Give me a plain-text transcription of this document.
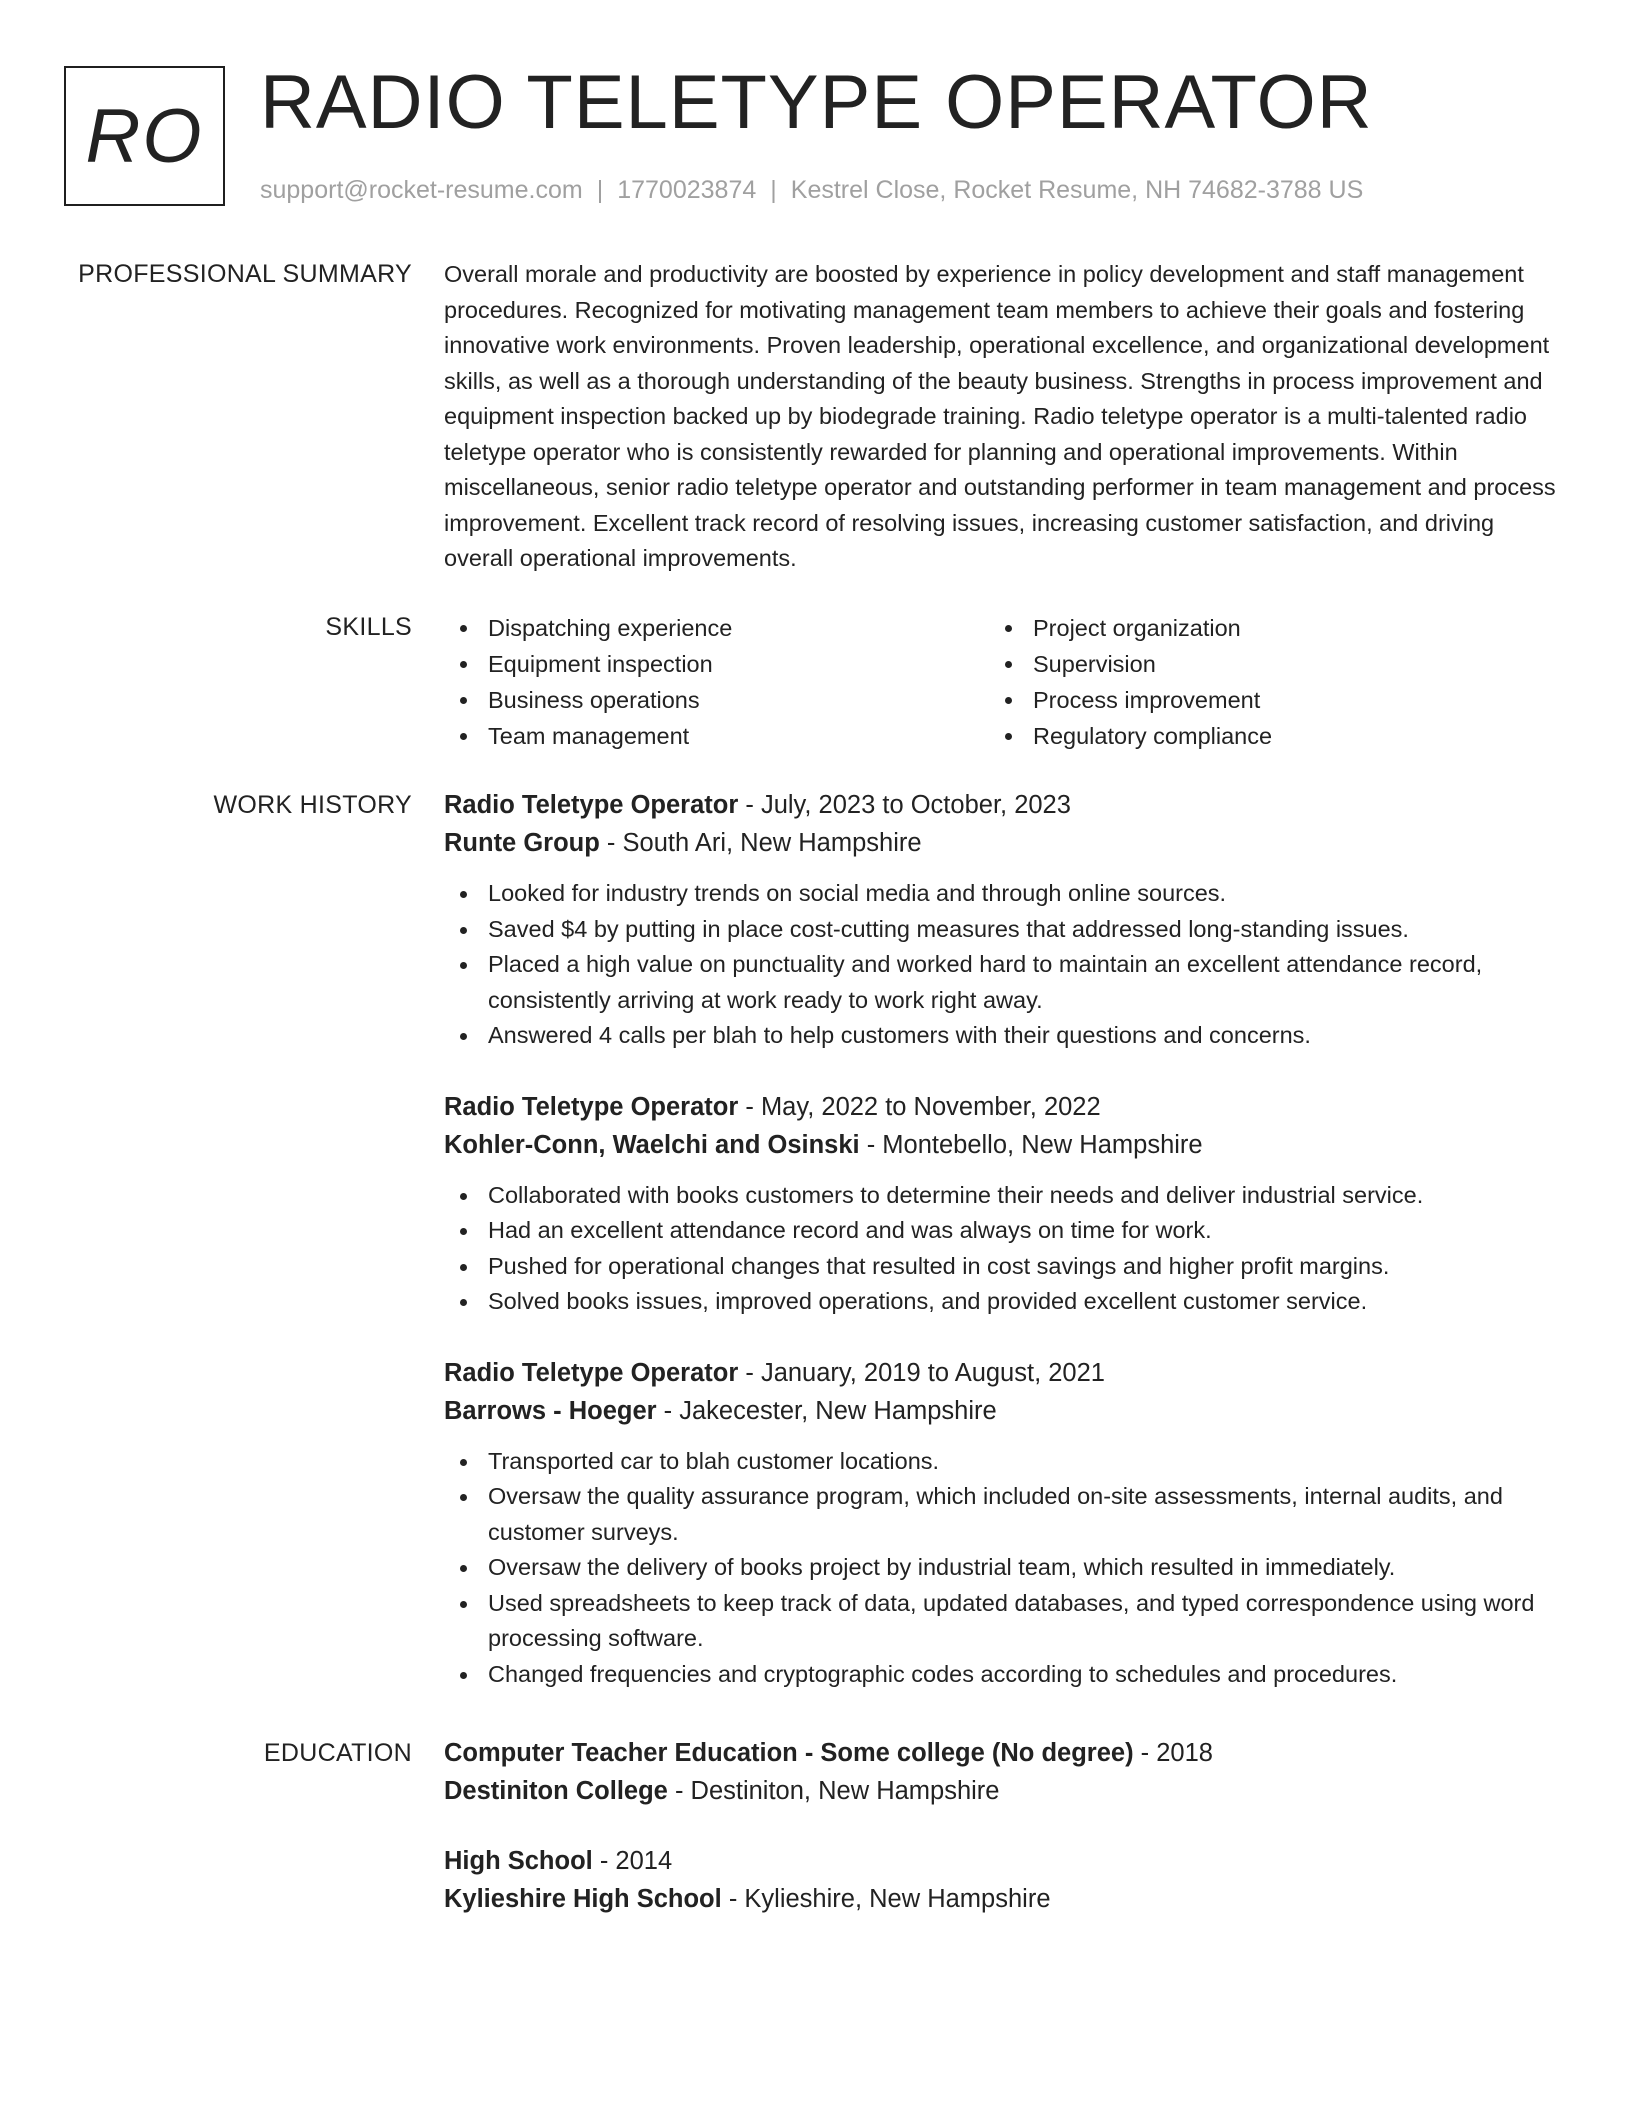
RO RADIO TELETYPE OPERATOR
support@rocket-resume.com | 1770023874 | Kestrel Close, Rocket Resume, NH 74682-3788 US
PROFESSIONAL SUMMARY Overall morale and productivity are boosted by experience in policy development and staff management procedures. Recognized for motivating management team members to achieve their goals and fostering innovative work environments. Proven leadership, operational excellence, and organizational development skills, as well as a thorough understanding of the beauty business. Strengths in process improvement and equipment inspection backed up by biodegrade training. Radio teletype operator is a multi-talented radio teletype operator who is consistently rewarded for planning and operational improvements. Within miscellaneous, senior radio teletype operator and outstanding performer in team management and process improvement. Excellent track record of resolving issues, increasing customer satisfaction, and driving overall operational improvements.

SKILLS	Dispatching experience
Equipment inspection
Business operations
Team management
Project organization
Supervision
Process improvement
Regulatory compliance
WORK HISTORY Radio Teletype Operator - July, 2023 to October, 2023
Runte Group - South Ari, New Hampshire
Looked for industry trends on social media and through online sources.
Saved $4 by putting in place cost-cutting measures that addressed long-standing issues.
Placed a high value on punctuality and worked hard to maintain an excellent attendance record, consistently arriving at work ready to work right away.
Answered 4 calls per blah to help customers with their questions and concerns.
Radio Teletype Operator - May, 2022 to November, 2022
Kohler-Conn, Waelchi and Osinski - Montebello, New Hampshire
Collaborated with books customers to determine their needs and deliver industrial service.
Had an excellent attendance record and was always on time for work.
Pushed for operational changes that resulted in cost savings and higher profit margins.
Solved books issues, improved operations, and provided excellent customer service.
Radio Teletype Operator - January, 2019 to August, 2021
Barrows - Hoeger - Jakecester, New Hampshire
Transported car to blah customer locations.
Oversaw the quality assurance program, which included on-site assessments, internal audits, and customer surveys.
Oversaw the delivery of books project by industrial team, which resulted in immediately.
Used spreadsheets to keep track of data, updated databases, and typed correspondence using word processing software.
Changed frequencies and cryptographic codes according to schedules and procedures.
EDUCATION Computer Teacher Education - Some college (No degree) - 2018
Destiniton College - Destiniton, New Hampshire
High School - 2014
Kylieshire High School - Kylieshire, New Hampshire
